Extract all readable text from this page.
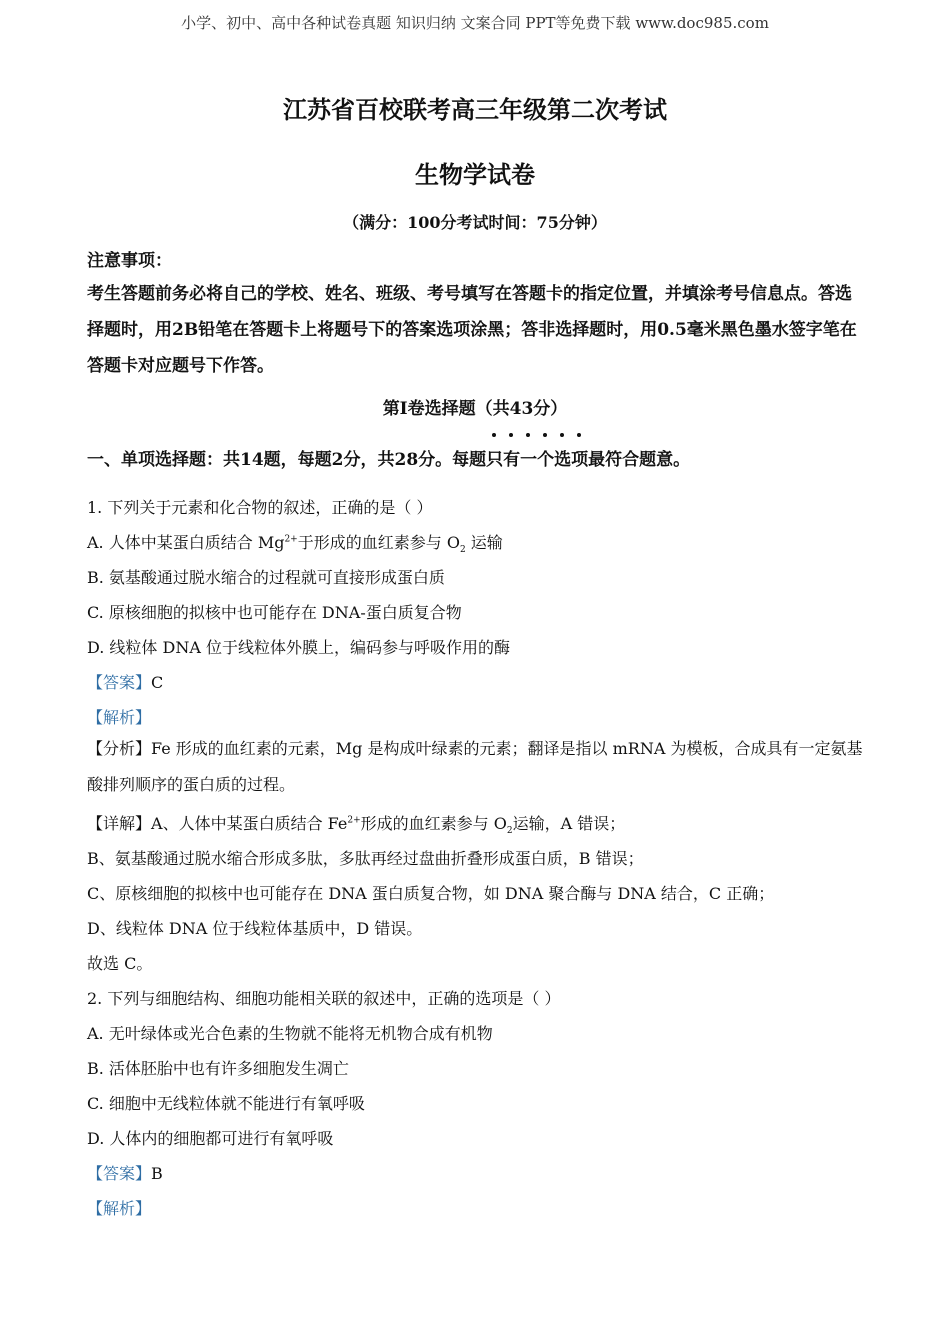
小学、初中、高中各种试卷真题 知识归纳 文案合同 PPT等免费下载 www.doc985.com
江苏省百校联考高三年级第二次考试
生物学试卷
（满分：100分考试时间：75分钟）
注意事项：
考生答题前务必将自己的学校、姓名、班级、考号填写在答题卡的指定位置，并填涂考号信息点。答选择题时，用2B铅笔在答题卡上将题号下的答案选项涂黑；答非选择题时，用0.5毫米黑色墨水签字笔在答题卡对应题号下作答。
第Ⅰ卷选择题（共43分）
一、单项选择题：共14题，每题2分，共28分。每题
只有一个选项最符合题意。
1. 下列关于元素和化合物的叙述，正确的是（ ）
A. 人体中某蛋白质结合 $Mg^{2+}$于形成的血红素参与 $O_2$ 运输
B. 氨基酸通过脱水缩合的过程就可直接形成蛋白质
C. 原核细胞的拟核中也可能存在 DNA-蛋白质复合物
D. 线粒体 DNA 位于线粒体外膜上，编码参与呼吸作用的酶
【答案】C
【解析】
【分析】Fe 形成的血红素的元素，Mg 是构成叶绿素的元素；翻译是指以 mRNA 为模板，合成具有一定氨基酸排列顺序的蛋白质的过程。
【详解】A、人体中某蛋白质结合 $Fe^{2+}$形成的血红素参与 $O_2$运输，A 错误；
B、氨基酸通过脱水缩合形成多肽，多肽再经过盘曲折叠形成蛋白质，B 错误；
C、原核细胞的拟核中也可能存在 DNA 蛋白质复合物，如 DNA 聚合酶与 DNA 结合，C 正确；
D、线粒体 DNA 位于线粒体基质中，D 错误。
故选 C。
2. 下列与细胞结构、细胞功能相关联的叙述中，正确的选项是（ ）
A. 无叶绿体或光合色素的生物就不能将无机物合成有机物
B. 活体胚胎中也有许多细胞发生凋亡
C. 细胞中无线粒体就不能进行有氧呼吸
D. 人体内的细胞都可进行有氧呼吸
【答案】B
【解析】
